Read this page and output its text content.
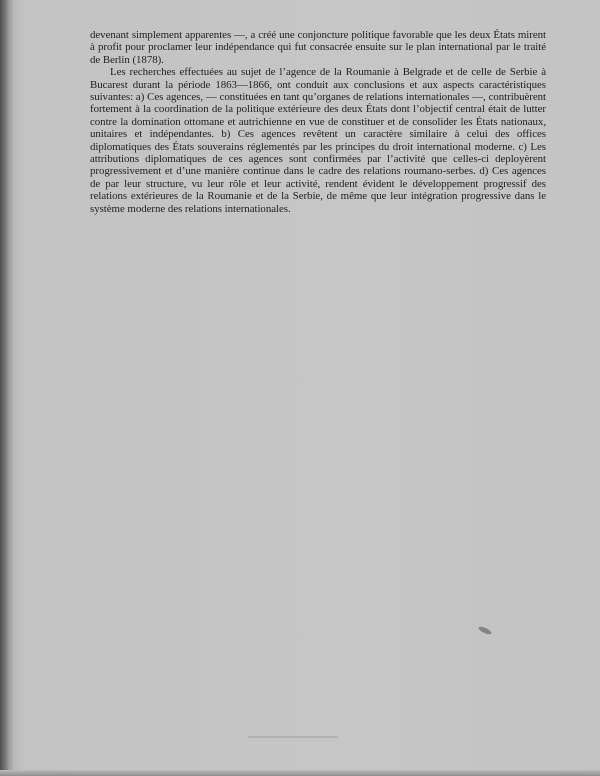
devenant simplement apparentes —, a créé une conjoncture politique favorable que les deux États mirent à profit pour proclamer leur indépendance qui fut consacrée ensuite sur le plan international par le traité de Berlin (1878).

Les recherches effectuées au sujet de l’agence de la Roumanie à Belgrade et de celle de Serbie à Bucarest durant la période 1863—1866, ont conduit aux conclusions et aux aspects caractéristiques suivantes: a) Ces agences, — constituées en tant qu’organes de relations internationales —, contribuèrent fortement à la coordination de la politique extérieure des deux États dont l’objectif central était de lutter contre la domination ottomane et autrichienne en vue de constituer et de consolider les États nationaux, unitaires et indépendantes. b) Ces agences revêtent un caractère similaire à celui des offices diplomatiques des États souverains réglementés par les principes du droit international moderne. c) Les attributions diplomatiques de ces agences sont confirmées par l’activité que celles-ci deployèrent progressivement et d’une manière continue dans le cadre des relations roumano-serbes. d) Ces agences de par leur structure, vu leur rôle et leur activité, rendent évident le développement progressif des relations extérieures de la Roumanie et de la Serbie, de même que leur intégration progressive dans le système moderne des relations internationales.
